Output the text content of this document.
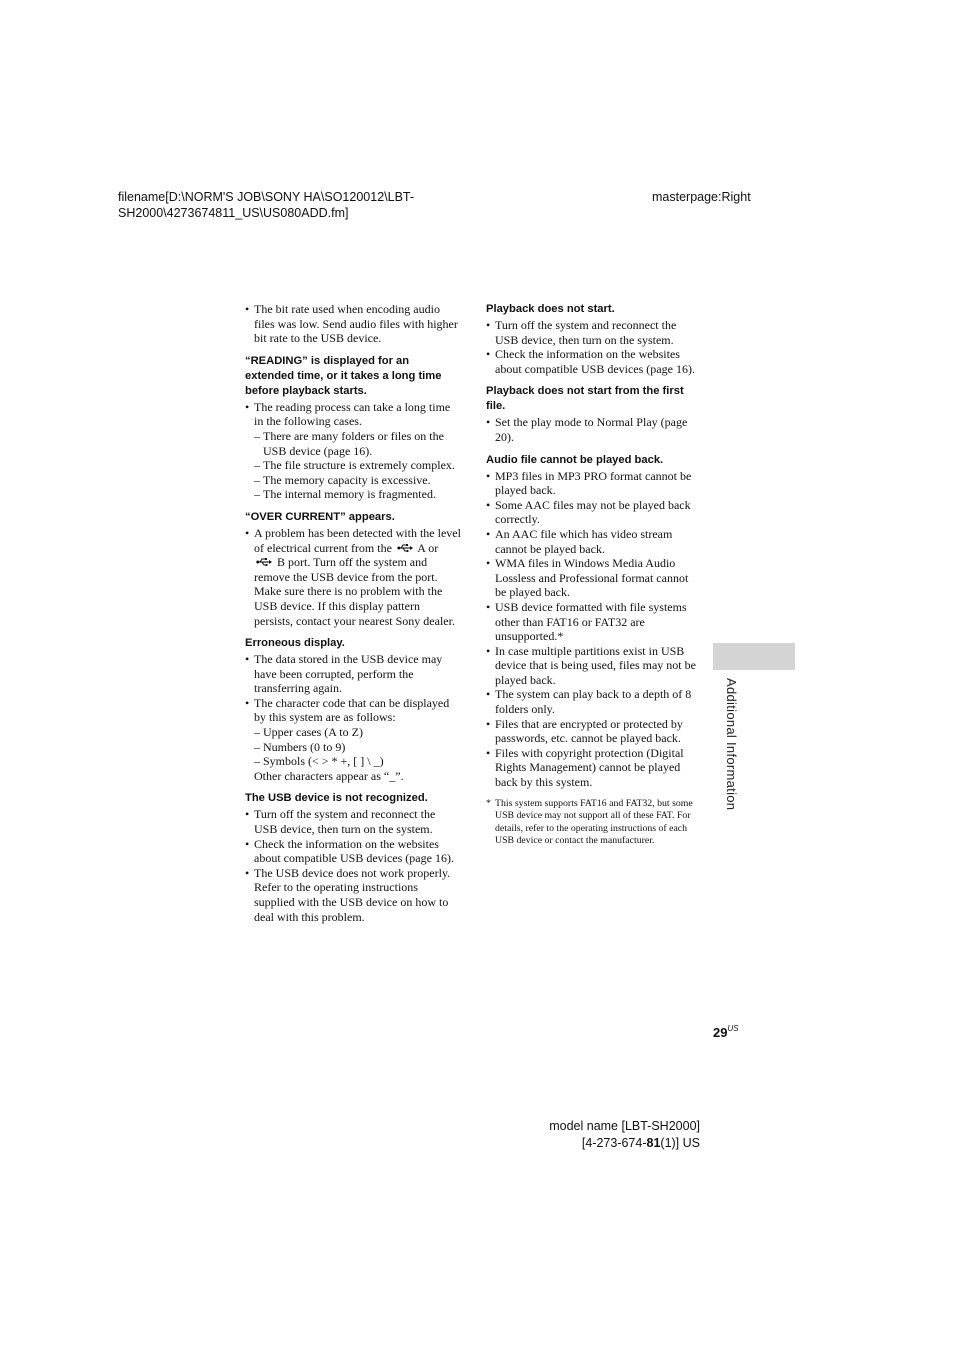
filename[D:\NORM'S JOB\SONY HA\SO120012\LBT-SH2000\4273674811_US\US080ADD.fm]
masterpage:Right
• The bit rate used when encoding audio files was low. Send audio files with higher bit rate to the USB device.
“READING” is displayed for an extended time, or it takes a long time before playback starts.
• The reading process can take a long time in the following cases.
– There are many folders or files on the USB device (page 16).
– The file structure is extremely complex.
– The memory capacity is excessive.
– The internal memory is fragmented.
“OVER CURRENT” appears.
• A problem has been detected with the level of electrical current from the A or
B port. Turn off the system and remove the USB device from the port. Make sure there is no problem with the USB device. If this display pattern persists, contact your nearest Sony dealer.
Erroneous display.
• The data stored in the USB device may have been corrupted, perform the transferring again.
• The character code that can be displayed by this system are as follows:
– Upper cases (A to Z)
– Numbers (0 to 9)
– Symbols (< > * +, [ ] \ _)
Other characters appear as “_”.
The USB device is not recognized.
• Turn off the system and reconnect the USB device, then turn on the system.
• Check the information on the websites about compatible USB devices (page 16).
• The USB device does not work properly. Refer to the operating instructions supplied with the USB device on how to deal with this problem.
Playback does not start.
• Turn off the system and reconnect the USB device, then turn on the system.
• Check the information on the websites about compatible USB devices (page 16).
Playback does not start from the first file.
• Set the play mode to Normal Play (page 20).
Audio file cannot be played back.
• MP3 files in MP3 PRO format cannot be played back.
• Some AAC files may not be played back correctly.
• An AAC file which has video stream cannot be played back.
• WMA files in Windows Media Audio Lossless and Professional format cannot be played back.
• USB device formatted with file systems other than FAT16 or FAT32 are unsupported.*
• In case multiple partitions exist in USB device that is being used, files may not be played back.
• The system can play back to a depth of 8 folders only.
• Files that are encrypted or protected by passwords, etc. cannot be played back.
• Files with copyright protection (Digital Rights Management) cannot be played back by this system.
* This system supports FAT16 and FAT32, but some USB device may not support all of these FAT. For details, refer to the operating instructions of each USB device or contact the manufacturer.
Additional Information
$29^{US}$
model name [LBT-SH2000]
[4-273-674-81(1)] US
